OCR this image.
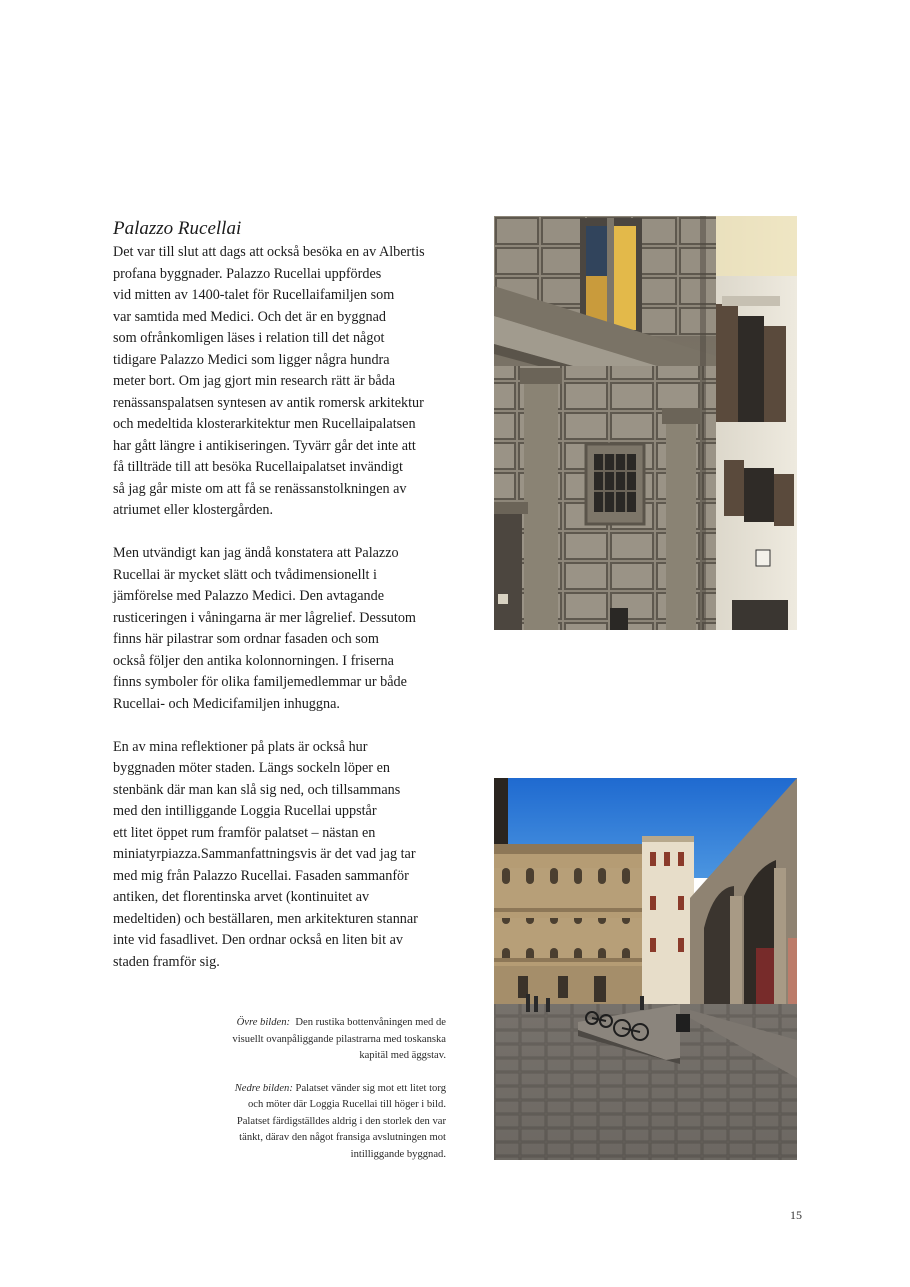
Palazzo Rucellai

Det var till slut att dags att också besöka en av Albertis
profana byggnader. Palazzo Rucellai uppfördes
vid mitten av 1400-talet för Rucellaifamiljen som
var samtida med Medici. Och det är en byggnad
som ofrånkomligen läses i relation till det något
tidigare Palazzo Medici som ligger några hundra
meter bort. Om jag gjort min research rätt är båda
renässanspalatsen syntesen av antik romersk arkitektur
och medeltida klosterarkitektur men Rucellaipalatsen
har gått längre i antikiseringen. Tyvärr går det inte att
få tillträde till att besöka Rucellaipalatset invändigt
så jag går miste om att få se renässanstolkningen av
atriumet eller klostergården.

Men utvändigt kan jag ändå konstatera att Palazzo
Rucellai är mycket slätt och tvådimensionellt i
jämförelse med Palazzo Medici. Den avtagande
rusticeringen i våningarna är mer lågrelief. Dessutom
finns här pilastrar som ordnar fasaden och som
också följer den antika kolonnorningen. I friserna
finns symboler för olika familjemedlemmar ur både
Rucellai- och Medicifamiljen inhuggna.

En av mina reflektioner på plats är också hur
byggnaden möter staden. Längs sockeln löper en
stenbänk där man kan slå sig ned, och tillsammans
med den intilliggande Loggia Rucellai uppstår
ett litet öppet rum framför palatset – nästan en
miniatyrpiazza.Sammanfattningsvis är det vad jag tar
med mig från Palazzo Rucellai. Fasaden sammanför
antiken, det florentinska arvet (kontinuitet av
medeltiden) och beställaren, men arkitekturen stannar
inte vid fasadlivet. Den ordnar också en liten bit av
staden framför sig.

Övre bilden: Den rustika bottenvåningen med de
visuellt ovanpåliggande pilastrarna med toskanska
kapitäl med äggstav.

Nedre bilden: Palatset vänder sig mot ett litet torg
och möter där Loggia Rucellai till höger i bild.
Palatset färdigställdes aldrig i den storlek den var
tänkt, därav den något fransiga avslutningen mot
intilliggande byggnad.

15
